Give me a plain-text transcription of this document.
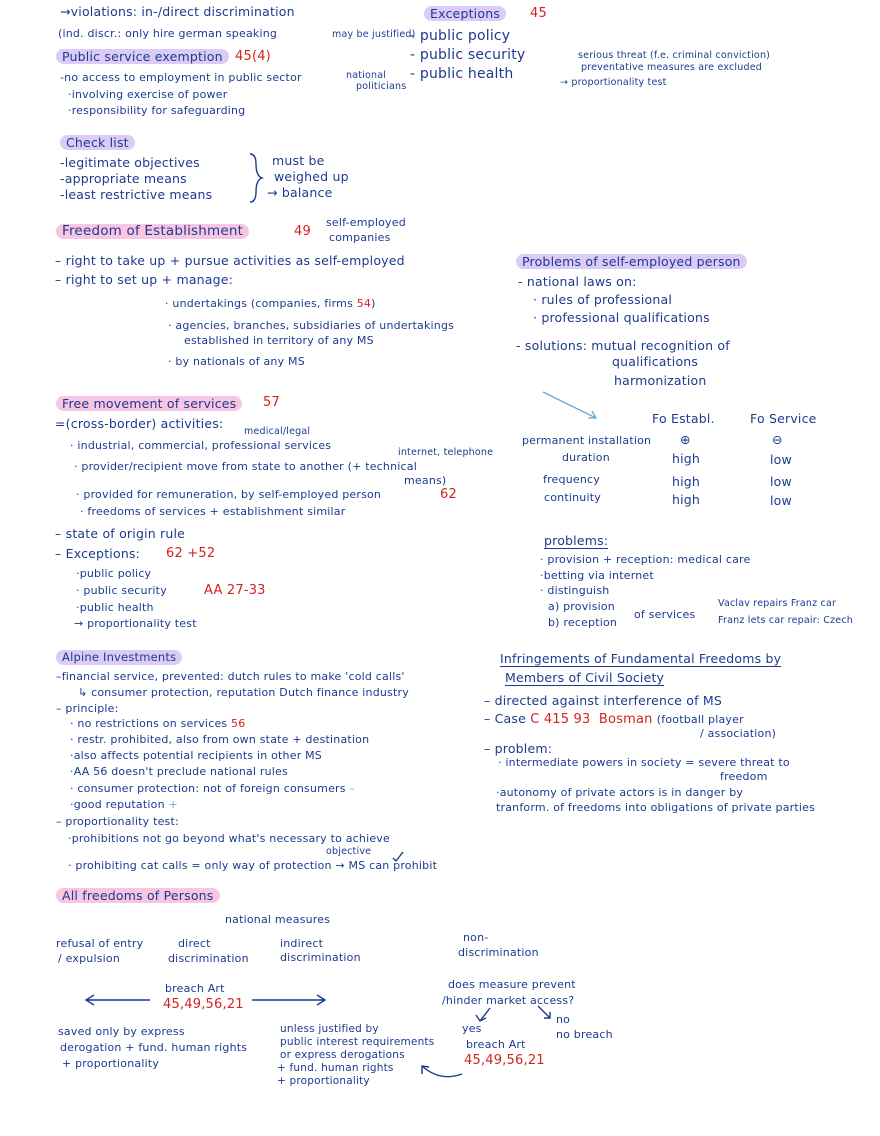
→violations: in-/direct discrimination
(ind. discr.: only hire german speaking	may be justified)
Public service exemption 45(4)
-no access to employment in public sector	national
politicians
·involving exercise of power
·responsibility for safeguarding
Check list
-legitimate objectives
-appropriate means
-least restrictive means
must be
weighed up
→ balance
Exceptions	45
- public policy
- public security
- public health
serious threat (f.e. criminal conviction)
preventative measures are excluded
→ proportionality test
Freedom of Establishment	49
self-employed
companies
– right to take up + pursue activities as self-employed
– right to set up + manage:
· undertakings (companies, firms 54)
· agencies, branches, subsidiaries of undertakings
established in territory of any MS
· by nationals of any MS
Problems of self-employed person
- national laws on:
· rules of professional
· professional qualifications
- solutions: mutual recognition of
qualifications
harmonization
Free movement of services	57
=(cross-border) activities:
medical/legal
· industrial, commercial, professional services
internet, telephone
· provider/recipient move from state to another (+ technical
means)
· provided for remuneration, by self-employed person	62
· freedoms of services + establishment similar
– state of origin rule
– Exceptions: 62 +52
·public policy
· public security	AA 27-33
·public health
→ proportionality test
Fo Establ.	Fo Service
permanent installation ⊕	⊖
duration	high	low
frequency	high	low
continuity	high	low
problems:
· provision + reception: medical care
·betting via internet
· distinguish
a) provision
b) reception
of services
Vaclav repairs Franz car
Franz lets car repair: Czech
Alpine Investments
–financial service, prevented: dutch rules to make 'cold calls'
↳ consumer protection, reputation Dutch finance industry
– principle:
· no restrictions on services 56
· restr. prohibited, also from own state + destination
·also affects potential recipients in other MS
·AA 56 doesn't preclude national rules
· consumer protection: not of foreign consumers –
·good reputation +
– proportionality test:
·prohibitions not go beyond what's necessary to achieve
objective
· prohibiting cat calls = only way of protection → MS can prohibit
Infringements of Fundamental Freedoms by
Members of Civil Society
– directed against interference of MS
– Case C 415 93 Bosman (football player
/ association)
– problem:
· intermediate powers in society = severe threat to
freedom
·autonomy of private actors is in danger by
tranform. of freedoms into obligations of private parties
All freedoms of Persons
national measures
refusal of entry
/ expulsion
direct
discrimination
indirect
discrimination
non-
discrimination
breach Art
45,49,56,21
does measure prevent
/hinder market access?
yes
no
no breach
breach Art
45,49,56,21
saved only by express
derogation + fund. human rights
+ proportionality
unless justified by
public interest requirements
or express derogations
+ fund. human rights
+ proportionality
